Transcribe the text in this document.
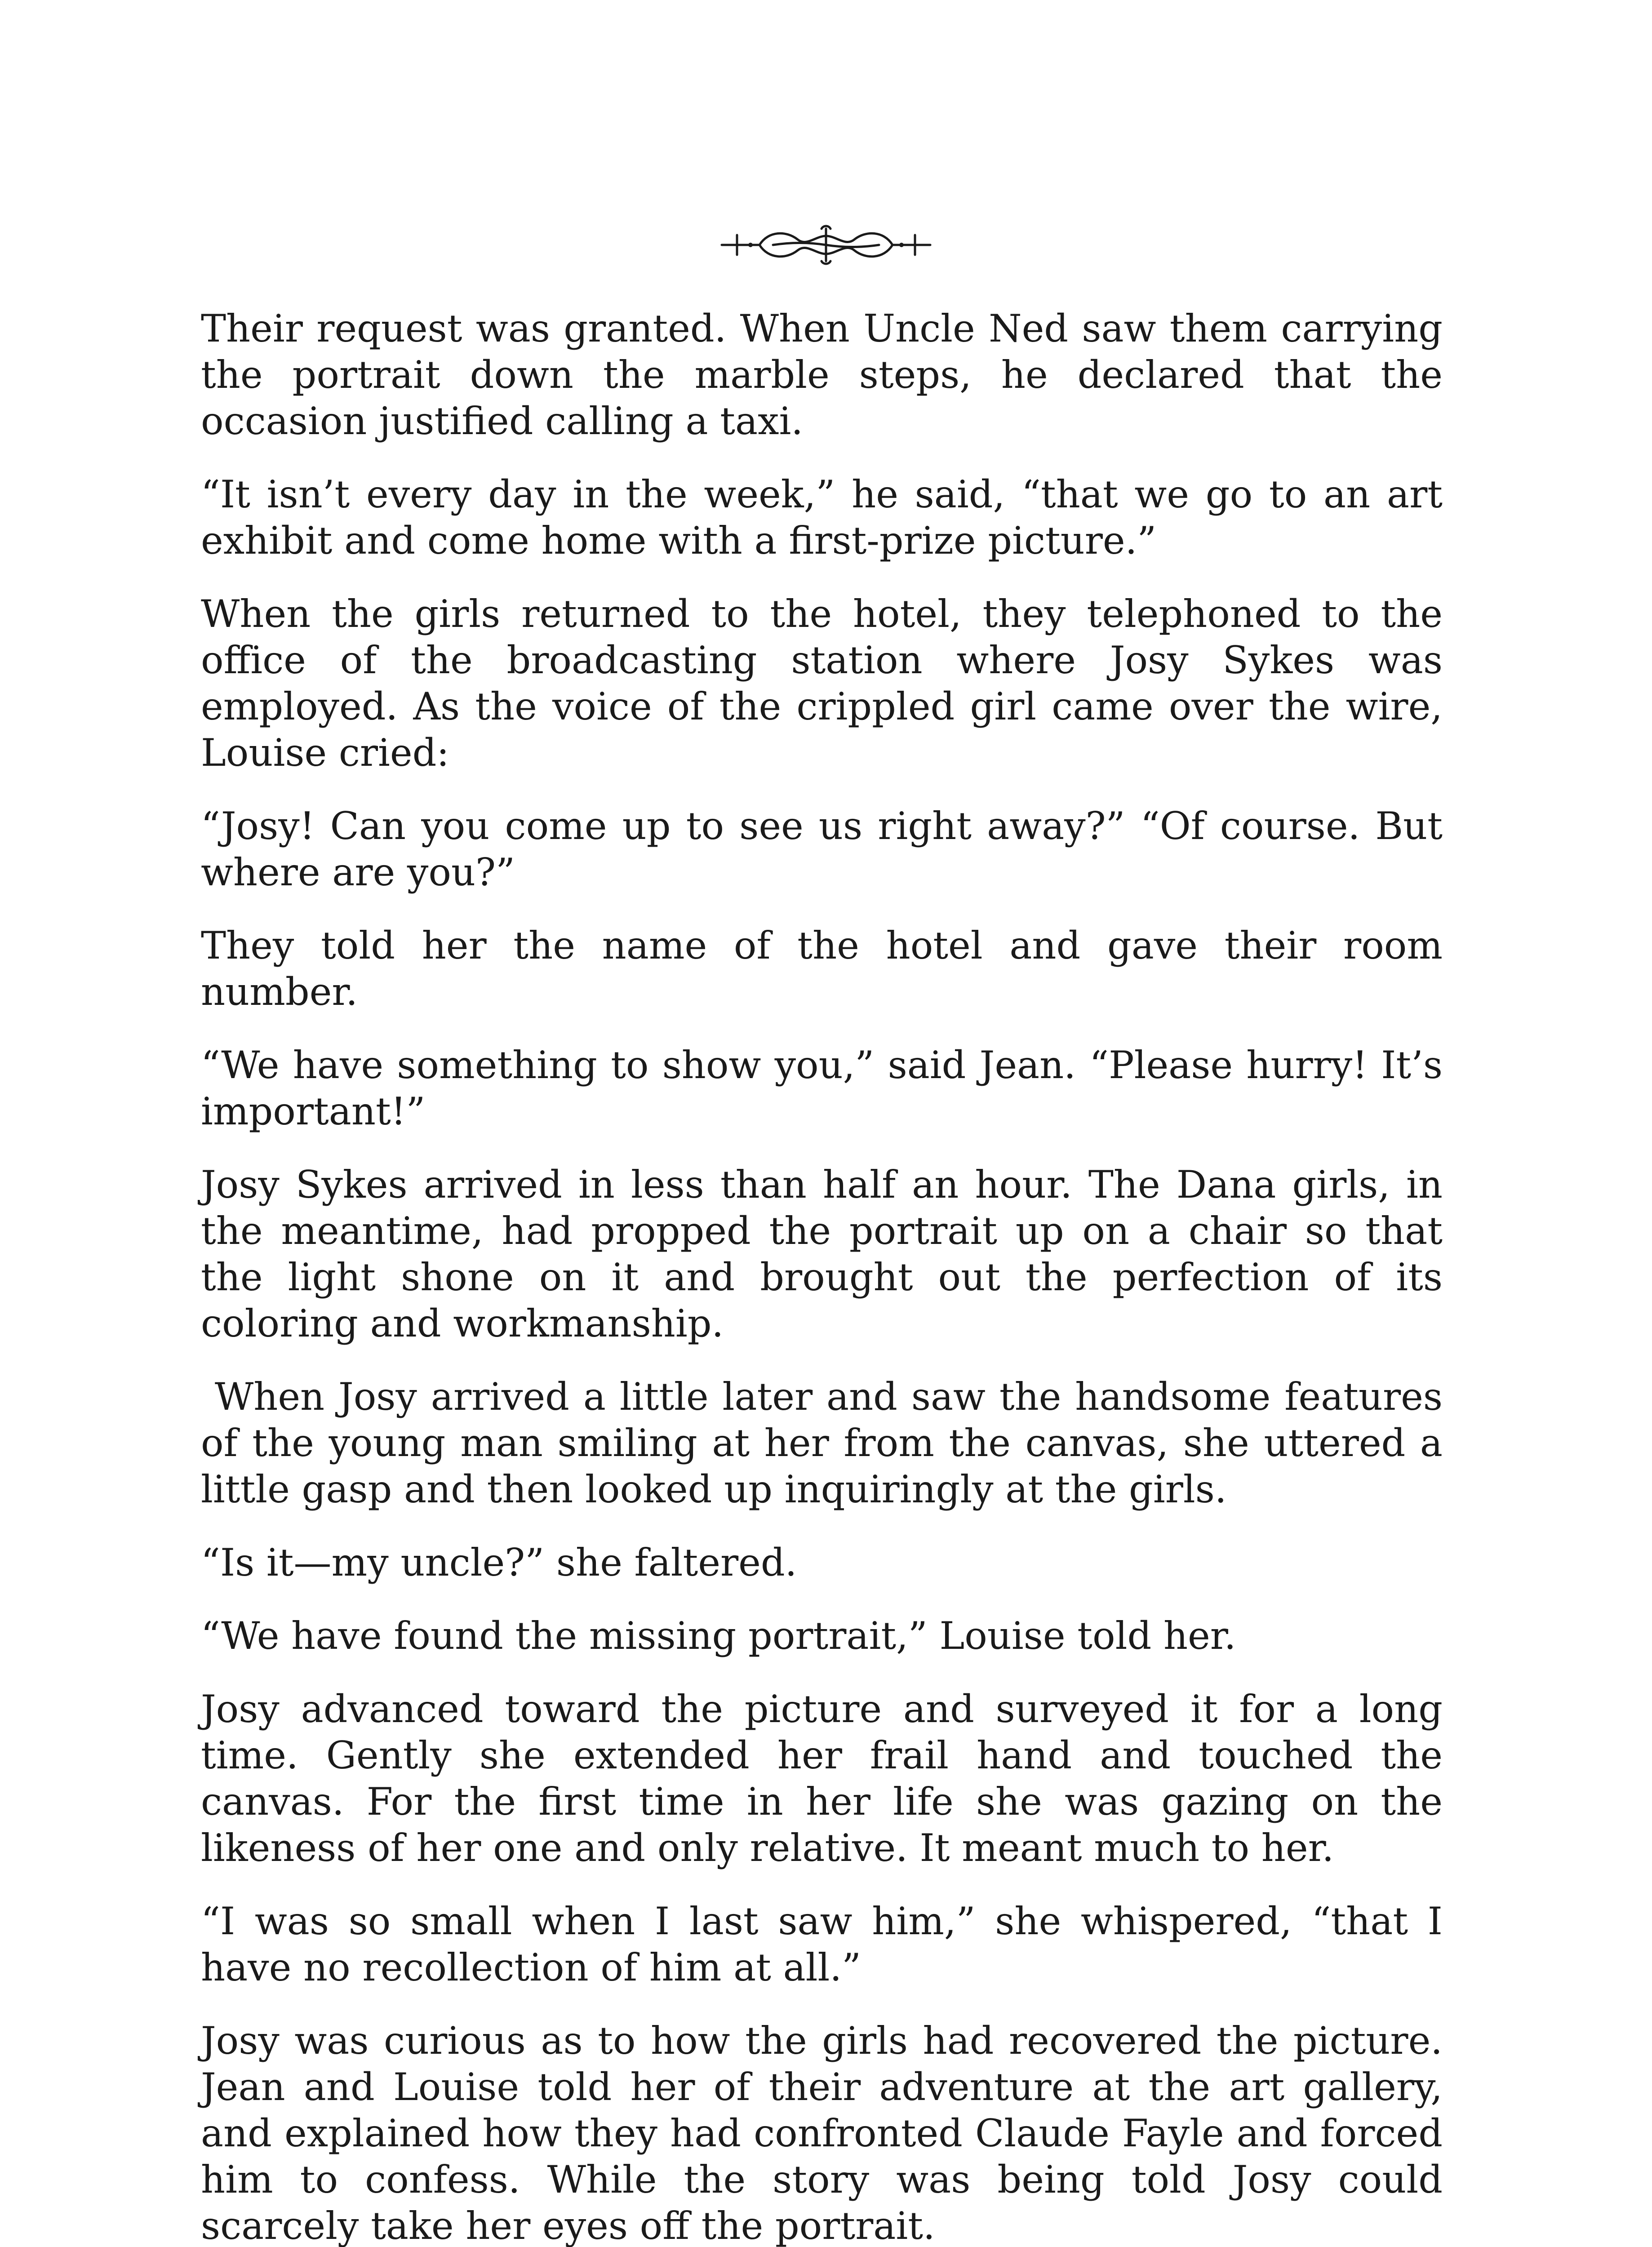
Their request was granted. When Uncle Ned saw them carrying the portrait down the marble steps, he declared that the occasion justified calling a taxi.

“It isn’t every day in the week,” he said, “that we go to an art exhibit and come home with a first-prize picture.”

When the girls returned to the hotel, they telephoned to the office of the broadcasting station where Josy Sykes was employed. As the voice of the crippled girl came over the wire, Louise cried:

“Josy! Can you come up to see us right away?” “Of course. But where are you?”

They told her the name of the hotel and gave their room number.

“We have something to show you,” said Jean. “Please hurry! It’s important!”

Josy Sykes arrived in less than half an hour. The Dana girls, in the meantime, had propped the portrait up on a chair so that the light shone on it and brought out the perfection of its coloring and workmanship.

When Josy arrived a little later and saw the handsome features of the young man smiling at her from the canvas, she uttered a little gasp and then looked up inquiringly at the girls.

“Is it—my uncle?” she faltered.

“We have found the missing portrait,” Louise told her.

Josy advanced toward the picture and surveyed it for a long time. Gently she extended her frail hand and touched the canvas. For the first time in her life she was gazing on the likeness of her one and only relative. It meant much to her.

“I was so small when I last saw him,” she whispered, “that I have no recollection of him at all.”

Josy was curious as to how the girls had recovered the picture. Jean and Louise told her of their adventure at the art gallery, and explained how they had confronted Claude Fayle and forced him to confess. While the story was being told Josy could scarcely take her eyes off the portrait.
